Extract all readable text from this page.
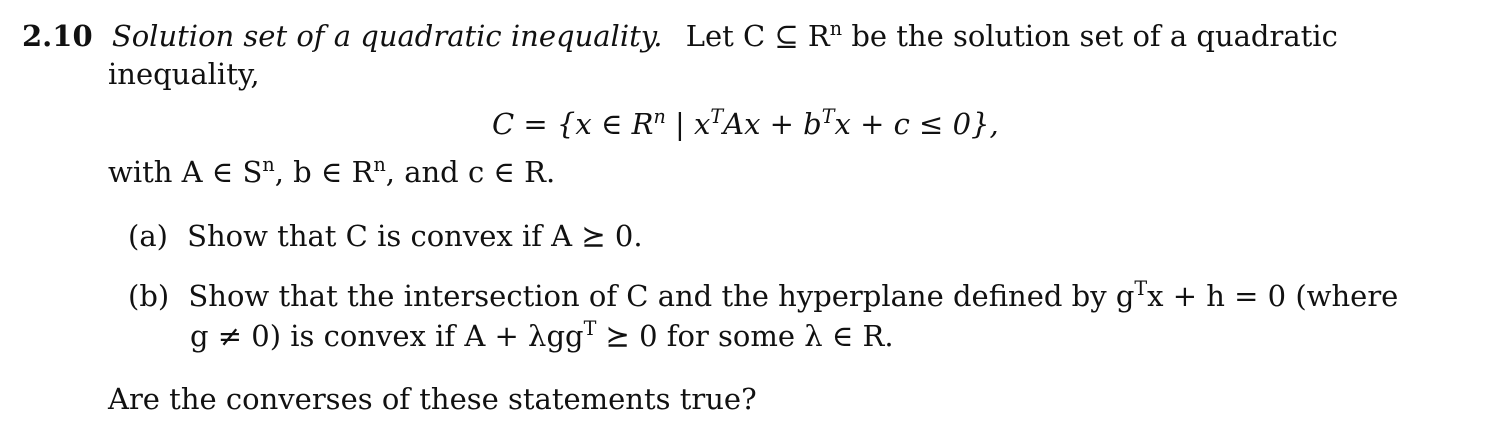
2.10 Solution set of a quadratic inequality. Let C ⊆ $R^n$ be the solution set of a quadratic
inequality,
C = {x ∈ $R^n$ | $x^TAx + b^Tx + c \le 0$},
with A ∈ $S^n$, b ∈ $R^n$, and c ∈ R.
(a) Show that C is convex if A ⪰ 0.
(b) Show that the intersection of C and the hyperplane defined by $g^Tx + h = 0$ (where
g ≠ 0) is convex if A + λgg$^T$ ⪰ 0 for some λ ∈ R.
Are the converses of these statements true?
